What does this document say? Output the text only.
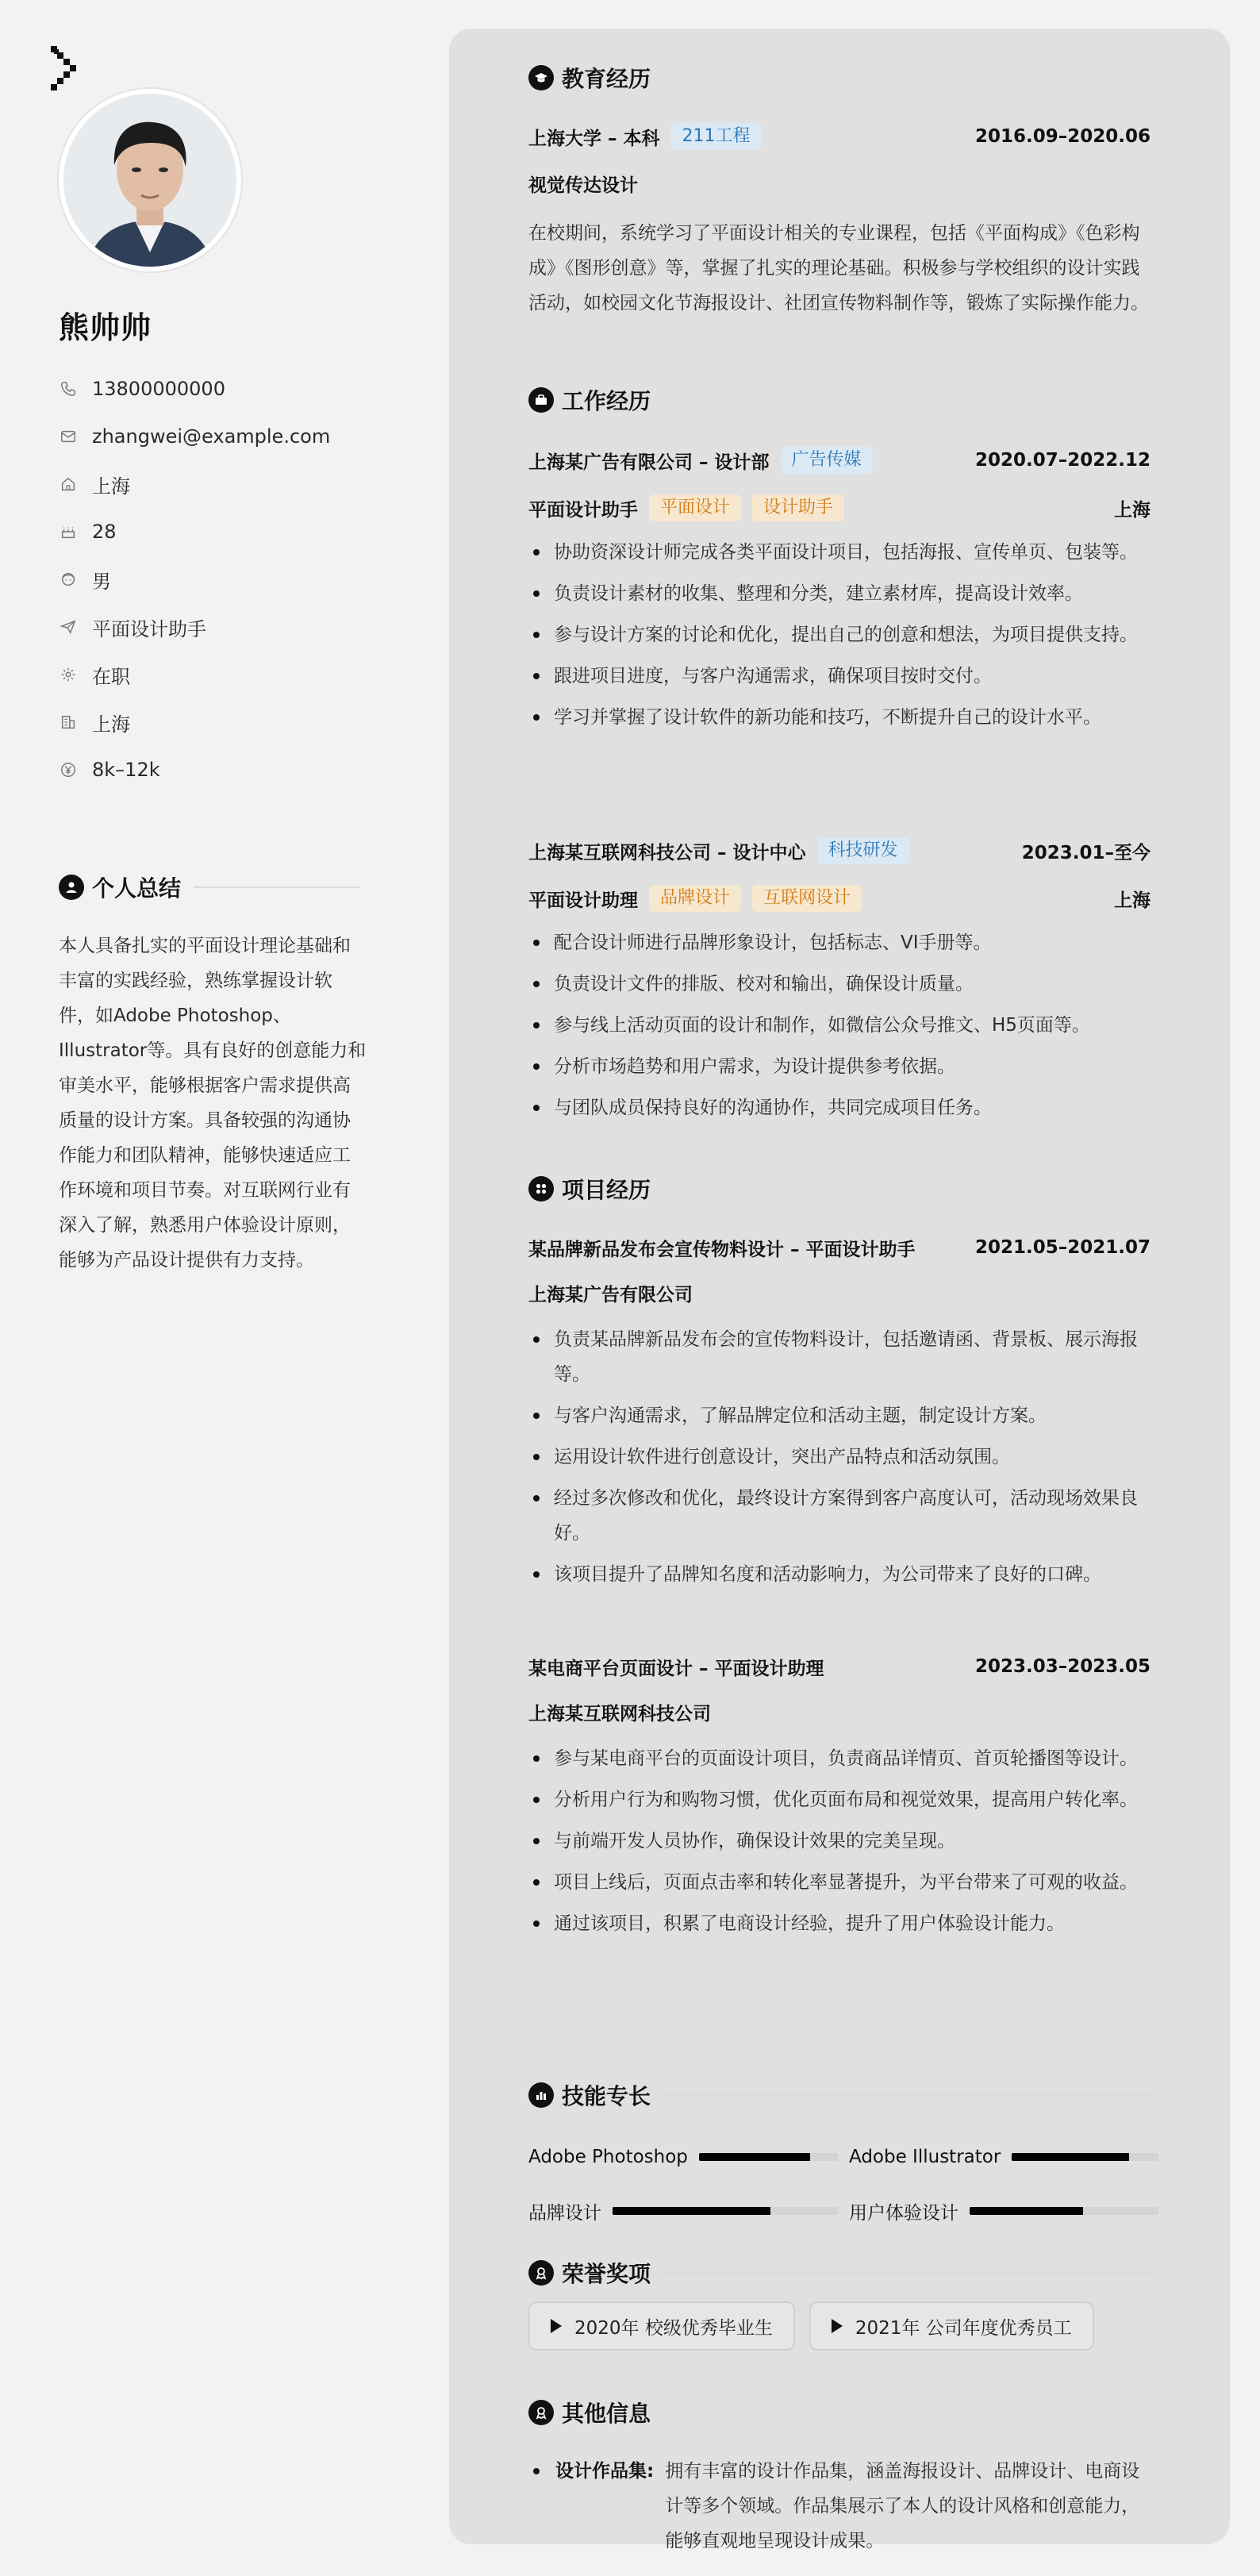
熊帅帅
13800000000
zhangwei@example.com
上海
28
男
平面设计助手
在职
上海
8k–12k
个人总结
本人具备扎实的平面设计理论基础和丰富的实践经验，熟练掌握设计软件，如Adobe Photoshop、Illustrator等。具有良好的创意能力和审美水平，能够根据客户需求提供高质量的设计方案。具备较强的沟通协作能力和团队精神，能够快速适应工作环境和项目节奏。对互联网行业有深入了解，熟悉用户体验设计原则，能够为产品设计提供有力支持。
教育经历
上海大学 – 本科	211工程	2016.09–2020.06
视觉传达设计
在校期间，系统学习了平面设计相关的专业课程，包括《平面构成》《色彩构成》《图形创意》等，掌握了扎实的理论基础。积极参与学校组织的设计实践活动，如校园文化节海报设计、社团宣传物料制作等，锻炼了实际操作能力。
工作经历
上海某广告有限公司 – 设计部	广告传媒	2020.07–2022.12
平面设计助手	平面设计	设计助手	上海
协助资深设计师完成各类平面设计项目，包括海报、宣传单页、包装等。
负责设计素材的收集、整理和分类，建立素材库，提高设计效率。
参与设计方案的讨论和优化，提出自己的创意和想法，为项目提供支持。
跟进项目进度，与客户沟通需求，确保项目按时交付。
学习并掌握了设计软件的新功能和技巧，不断提升自己的设计水平。
上海某互联网科技公司 – 设计中心	科技研发	2023.01–至今
平面设计助理	品牌设计	互联网设计	上海
配合设计师进行品牌形象设计，包括标志、VI手册等。
负责设计文件的排版、校对和输出，确保设计质量。
参与线上活动页面的设计和制作，如微信公众号推文、H5页面等。
分析市场趋势和用户需求，为设计提供参考依据。
与团队成员保持良好的沟通协作，共同完成项目任务。
项目经历
某品牌新品发布会宣传物料设计 – 平面设计助手	2021.05–2021.07
上海某广告有限公司
负责某品牌新品发布会的宣传物料设计，包括邀请函、背景板、展示海报等。
与客户沟通需求，了解品牌定位和活动主题，制定设计方案。
运用设计软件进行创意设计，突出产品特点和活动氛围。
经过多次修改和优化，最终设计方案得到客户高度认可，活动现场效果良好。
该项目提升了品牌知名度和活动影响力，为公司带来了良好的口碑。
某电商平台页面设计 – 平面设计助理	2023.03–2023.05
上海某互联网科技公司
参与某电商平台的页面设计项目，负责商品详情页、首页轮播图等设计。
分析用户行为和购物习惯，优化页面布局和视觉效果，提高用户转化率。
与前端开发人员协作，确保设计效果的完美呈现。
项目上线后，页面点击率和转化率显著提升，为平台带来了可观的收益。
通过该项目，积累了电商设计经验，提升了用户体验设计能力。
技能专长
Adobe Photoshop	Adobe Illustrator
品牌设计	用户体验设计
荣誉奖项
2020年 校级优秀毕业生	2021年 公司年度优秀员工
其他信息
设计作品集: 拥有丰富的设计作品集，涵盖海报设计、品牌设计、电商设计等多个领域。作品集展示了本人的设计风格和创意能力，能够直观地呈现设计成果。
